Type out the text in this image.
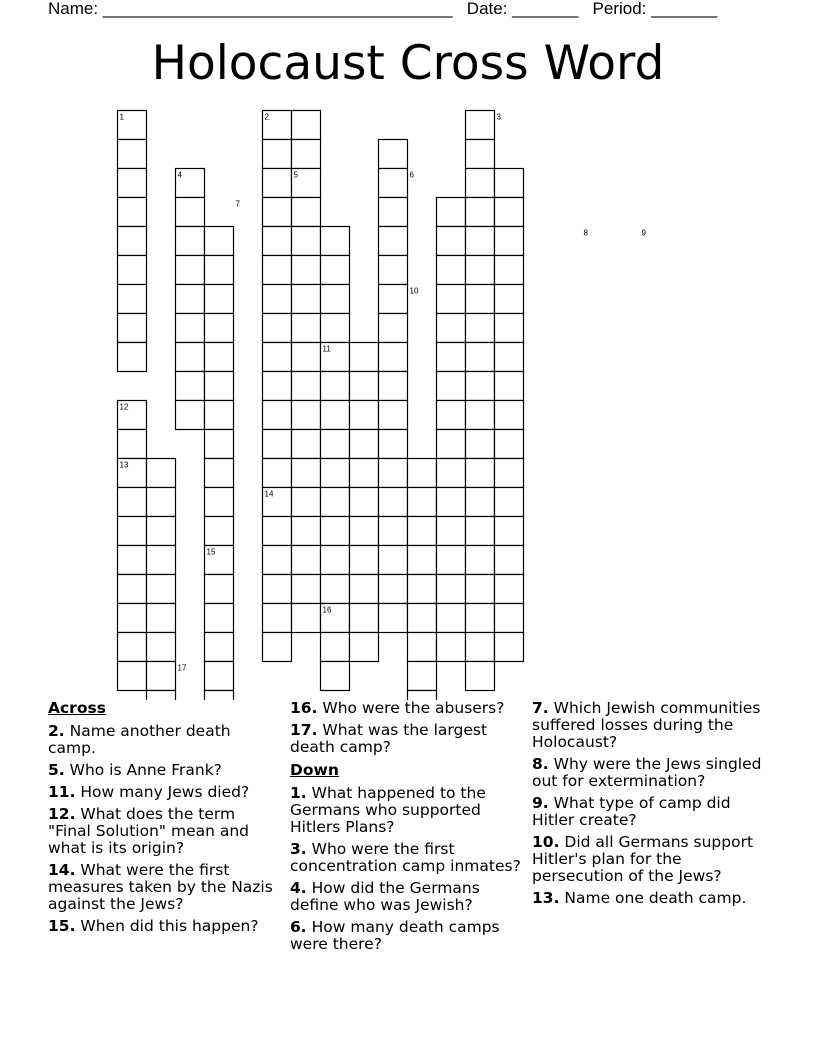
Name: _____________________________________ Date: _______ Period: _______
Holocaust Cross Word
1	2	3
4	5	6
7
8	9
10
11
12
13
14
15
16
17
Across
2. Name another death camp.
5. Who is Anne Frank?
11. How many Jews died?
12. What does the term "Final Solution" mean and what is its origin?
14. What were the first measures taken by the Nazis against the Jews?
15. When did this happen?
16. Who were the abusers?
17. What was the largest death camp?
Down
1. What happened to the Germans who supported Hitlers Plans?
3. Who were the first concentration camp inmates?
4. How did the Germans define who was Jewish?
6. How many death camps were there?
7. Which Jewish communities suffered losses during the Holocaust?
8. Why were the Jews singled out for extermination?
9. What type of camp did Hitler create?
10. Did all Germans support Hitler's plan for the persecution of the Jews?
13. Name one death camp.
